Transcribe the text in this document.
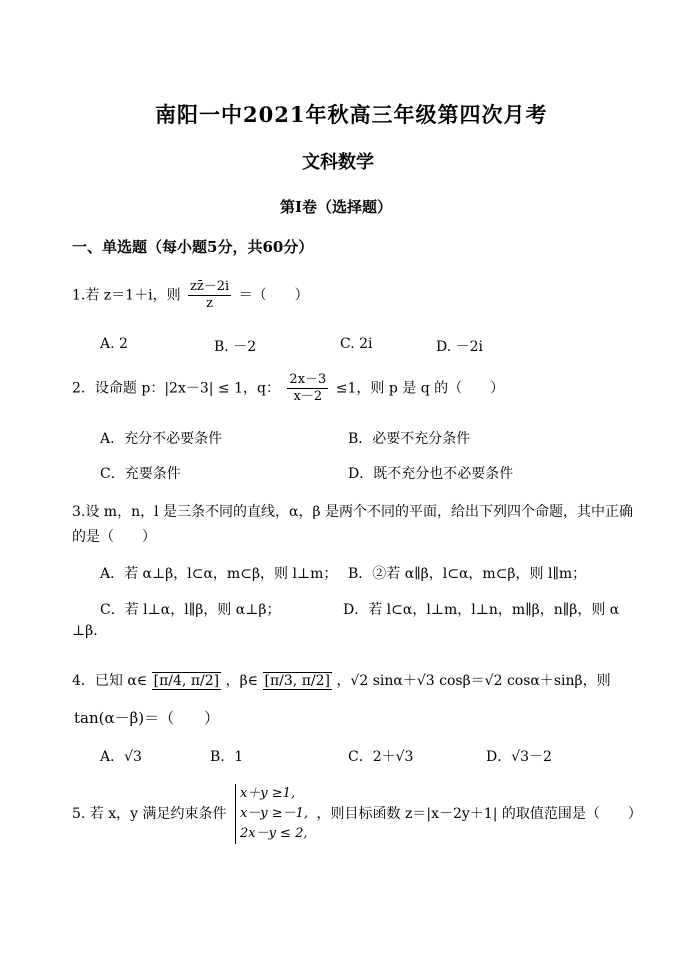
南阳一中2021年秋高三年级第四次月考
文科数学
第Ⅰ卷（选择题）
一、单选题（每小题5分，共60分）
1.若 z＝1＋i，则 $\frac{zz̄-2i}{z}$ ＝（　　）
A. 2	B. －2	C. 2i	D. －2i
2．设命题 p：|2x－3| ≤ 1，q： $\frac{2x-3}{x-2} \le 1$，则 p 是 q 的（　　）
A．充分不必要条件	B．必要不充分条件
C．充要条件	D．既不充分也不必要条件
3.设 m，n，l 是三条不同的直线，α，β 是两个不同的平面，给出下列四个命题，其中正确
的是（　　）
A．若 α⊥β，l⊂α，m⊂β，则 l⊥m； B．②若 α∥β，l⊂α，m⊂β，则 l∥m；
C．若 l⊥α，l∥β，则 α⊥β；	D．若 l⊂α，l⊥m，l⊥n，m∥β，n∥β，则 α
⊥β.
4．已知 α∈ [π/4, π/2] ，β∈ [π/3, π/2] ，√2 sinα＋√3 cosβ＝√2 cosα＋sinβ，则
tan(α－β)＝（　　）
A．√3	B．1	C．2＋√3	D．√3－2
5. 若 x，y 满足约束条件
x＋y ≥1,
x－y ≥－1,
2x－y ≤ 2,
，则目标函数 z＝|x－2y＋1| 的取值范围是（　　）
